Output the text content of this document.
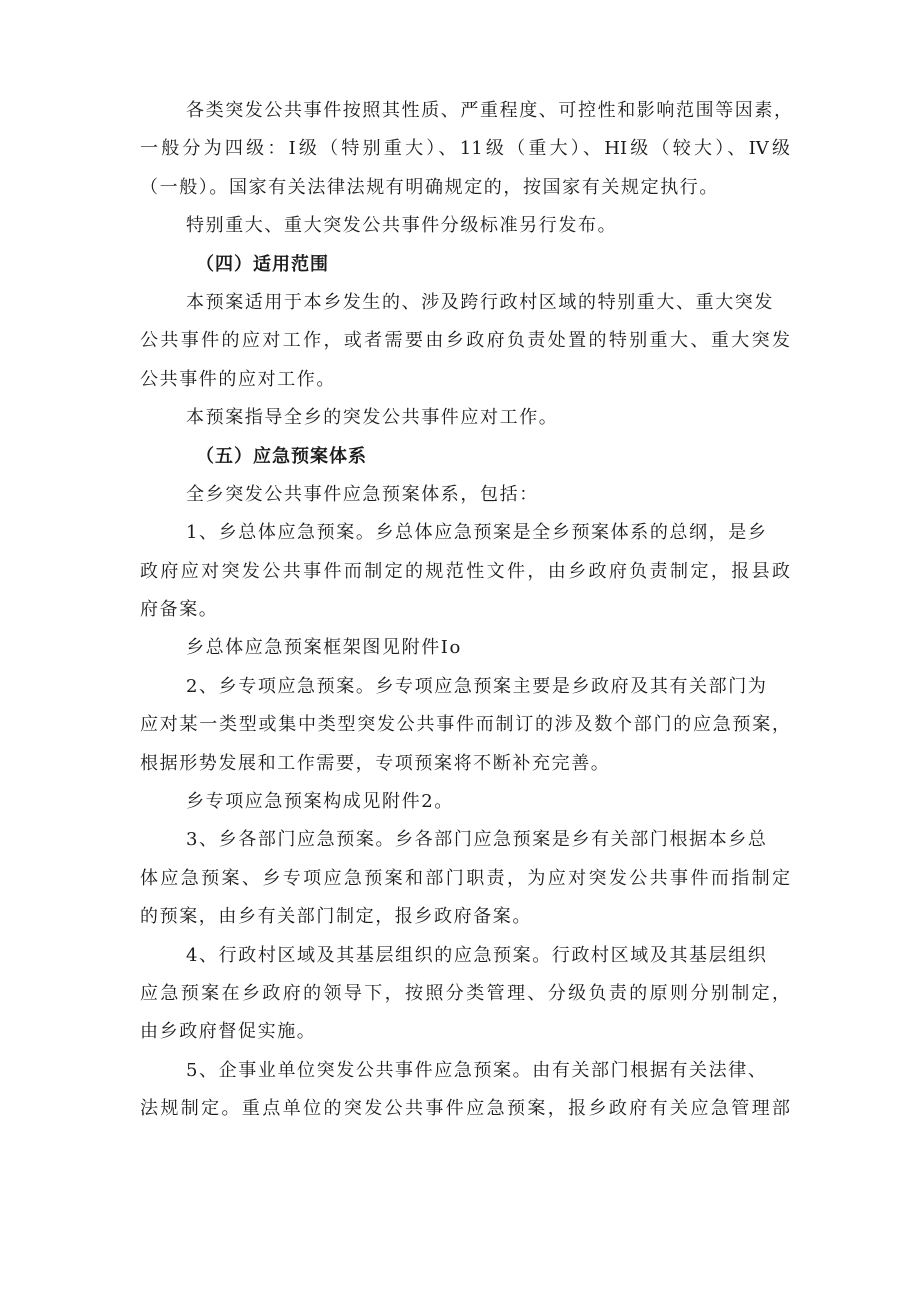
各类突发公共事件按照其性质、严重程度、可控性和影响范围等因素，
一般分为四级：I级（特别重大）、11级（重大）、HI级（较大）、IV级
（一般）。国家有关法律法规有明确规定的，按国家有关规定执行。
特别重大、重大突发公共事件分级标准另行发布。
（四）适用范围
本预案适用于本乡发生的、涉及跨行政村区域的特别重大、重大突发
公共事件的应对工作，或者需要由乡政府负责处置的特别重大、重大突发
公共事件的应对工作。
本预案指导全乡的突发公共事件应对工作。
（五）应急预案体系
全乡突发公共事件应急预案体系，包括：
1、乡总体应急预案。乡总体应急预案是全乡预案体系的总纲，是乡
政府应对突发公共事件而制定的规范性文件，由乡政府负责制定，报县政
府备案。
乡总体应急预案框架图见附件Io
2、乡专项应急预案。乡专项应急预案主要是乡政府及其有关部门为
应对某一类型或集中类型突发公共事件而制订的涉及数个部门的应急预案，
根据形势发展和工作需要，专项预案将不断补充完善。
乡专项应急预案构成见附件2。
3、乡各部门应急预案。乡各部门应急预案是乡有关部门根据本乡总
体应急预案、乡专项应急预案和部门职责，为应对突发公共事件而指制定
的预案，由乡有关部门制定，报乡政府备案。
4、行政村区域及其基层组织的应急预案。行政村区域及其基层组织
应急预案在乡政府的领导下，按照分类管理、分级负责的原则分别制定，
由乡政府督促实施。
5、企事业单位突发公共事件应急预案。由有关部门根据有关法律、
法规制定。重点单位的突发公共事件应急预案，报乡政府有关应急管理部
